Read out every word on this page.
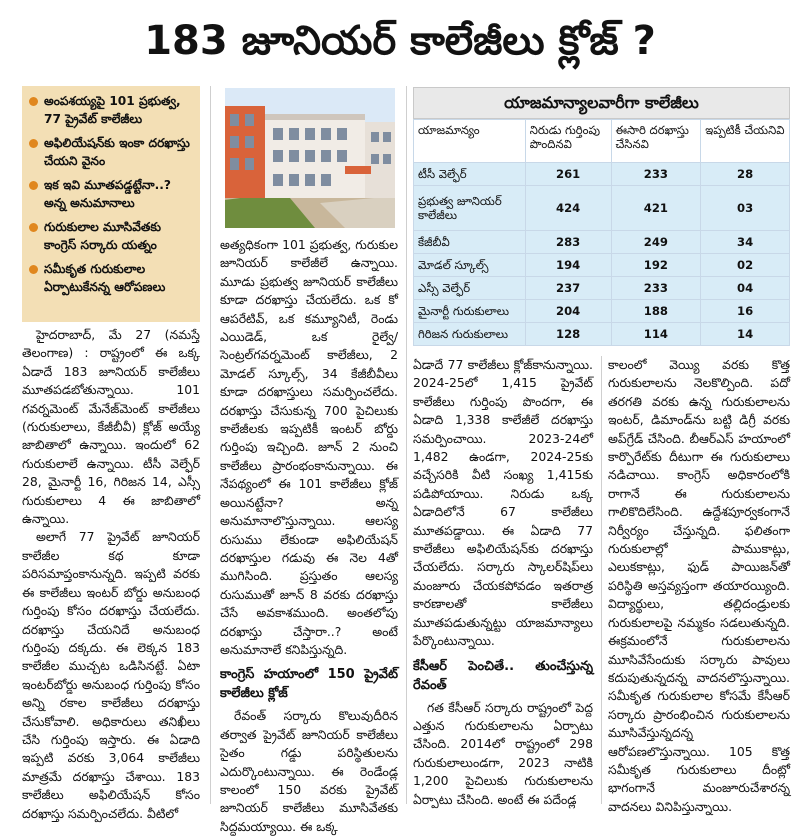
183 జూనియర్ కాలేజీలు క్లోజ్ ?
అంపశయ్యపై 101 ప్రభుత్వ, 77 ప్రైవేట్ కాలేజీలు
అఫిలియేషన్‌కు ఇంకా దరఖాస్తు చేయని వైనం
ఇక ఇవి మూతపడ్డట్టేనా..? అన్న అనుమానాలు
గురుకులాల మూసివేతకు కాంగ్రెస్ సర్కారు యత్నం
సమీకృత గురుకులాల ఏర్పాటుకేనన్న ఆరోపణలు
యాజమాన్యాలవారీగా కాలేజీలు
యాజమాన్యం	నిరుడు గుర్తింపు పొందినవి	ఈసారి దరఖాస్తు చేసినవి	ఇప్పటికీ చేయనివి
టీసీ వెల్ఫేర్	261	233	28
ప్రభుత్వ జూనియర్ కాలేజీలు	424	421	03
కేజీబీవీ	283	249	34
మోడల్ స్కూల్స్	194	192	02
ఎస్సీ వెల్ఫేర్	237	233	04
మైనార్టీ గురుకులాలు	204	188	16
గిరిజన గురుకులాలు	128	114	14

హైదరాబాద్, మే 27 (నమస్తే తెలంగాణ) : రాష్ట్రంలో ఈ ఒక్క ఏడాదే 183 జూనియర్ కాలేజీలు మూతపడబోతున్నాయి. 101 గవర్నమెంట్ మేనేజ్‌మెంట్ కాలేజీలు (గురుకులాలు, కేజీబీవీ) క్లోజ్ అయ్యే జాబితాలో ఉన్నాయి. ఇందులో 62 గురుకులాలే ఉన్నాయి. టీసీ వెల్ఫేర్ 28, మైనార్టీ 16, గిరిజన 14, ఎస్సీ గురుకులాలు 4 ఈ జాబితాలో ఉన్నాయి.

అలాగే 77 ప్రైవేట్ జూనియర్ కాలేజీల కథ కూడా పరిసమాప్తంకానున్నది. ఇప్పటి వరకు ఈ కాలేజీలు ఇంటర్ బోర్డు అనుబంధ గుర్తింపు కోసం దరఖాస్తు చేయలేదు. దరఖాస్తు చేయనిదే అనుబంధ గుర్తింపు దక్కదు. ఈ లెక్కన 183 కాలేజీల ముచ్చట ఒడిసినట్టే. ఏటా ఇంటర్‌బోర్డు అనుబంధ గుర్తింపు కోసం అన్ని రకాల కాలేజీలు దరఖాస్తు చేసుకోవాలి. అధికారులు తనిఖీలు చేసి గుర్తింపు ఇస్తారు. ఈ ఏడాది ఇప్పటి వరకు 3,064 కాలేజీలు మాత్రమే దరఖాస్తు చేశాయి. 183 కాలేజీలు అఫిలియేషన్ కోసం దరఖాస్తు సమర్పించలేదు. వీటిలో

అత్యధికంగా 101 ప్రభుత్వ, గురుకుల జూనియర్ కాలేజీలే ఉన్నాయి. మూడు ప్రభుత్వ జూనియర్ కాలేజీలు కూడా దరఖాస్తు చేయలేదు. ఒక కో ఆపరేటివ్, ఒక కమ్యూనిటీ, రెండు ఎయిడెడ్, ఒక రైల్వే/సెంట్రల్‌గవర్నమెంట్ కాలేజీలు, 2 మోడల్ స్కూల్స్, 34 కేజీబీవీలు కూడా దరఖాస్తులు సమర్పించలేదు. దరఖాస్తు చేసుకున్న 700 పైచిలుకు కాలేజీలకు ఇప్పటికీ ఇంటర్ బోర్డు గుర్తింపు ఇచ్చింది. జూన్ 2 నుంచి కాలేజీలు ప్రారంభంకానున్నాయి. ఈ నేపథ్యంలో ఈ 101 కాలేజీలు క్లోజ్ అయినట్టేనా? అన్న అనుమానాలొస్తున్నాయి. ఆలస్య రుసుము లేకుండా అఫిలియేషన్ దరఖాస్తుల గడువు ఈ నెల 4తో ముగిసింది. ప్రస్తుతం ఆలస్య రుసుముతో జూన్ 8 వరకు దరఖాస్తు చేసే అవకాశముంది. అంతలోపు దరఖాస్తు చేస్తారా..? అంటే అనుమానాలే కనిపిస్తున్నది.

కాంగ్రెస్ హయాంలో 150 ప్రైవేట్ కాలేజీలు క్లోజ్

రేవంత్ సర్కారు కొలువుదీరిన తర్వాత ప్రైవేట్ జూనియర్ కాలేజీలు సైతం గడ్డు పరిస్థితులను ఎదుర్కొంటున్నాయి. ఈ రెండేండ్ల కాలంలో 150 వరకు ప్రైవేట్ జూనియర్ కాలేజీలు మూసివేతకు సిద్ధమయ్యాయి. ఈ ఒక్క

ఏడాదే 77 కాలేజీలు క్లోజ్‌కానున్నాయి. 2024-25లో 1,415 ప్రైవేట్ కాలేజీలు గుర్తింపు పొందగా, ఈ ఏడాది 1,338 కాలేజీలే దరఖాస్తు సమర్పించాయి. 2023-24లో 1,482 ఉండగా, 2024-25కు వచ్చేసరికి వీటి సంఖ్య 1,415కు పడిపోయాయి. నిరుడు ఒక్క ఏడాదిలోనే 67 కాలేజీలు మూతపడ్డాయి. ఈ ఏడాది 77 కాలేజీలు అఫిలియేషన్‌కు దరఖాస్తు చేయలేదు. సర్కారు స్కాలర్‌షిప్‌లు మంజూరు చేయకపోవడం ఇతరాత్ర కారణాలతో కాలేజీలు మూతపడుతున్నట్టు యాజమాన్యాలు పేర్కొంటున్నాయి.

కేసీఆర్ పెంచితే.. తుంచేస్తున్న రేవంత్

గత కేసీఆర్ సర్కారు రాష్ట్రంలో పెద్ద ఎత్తున గురుకులాలను ఏర్పాటు చేసింది. 2014లో రాష్ట్రంలో 298 గురుకులాలుండగా, 2023 నాటికి 1,200 పైచిలుకు గురుకులాలను ఏర్పాటు చేసింది. అంటే ఈ పదేండ్ల

కాలంలో వెయ్యి వరకు కొత్త గురుకులాలను నెలకొల్పింది. పదో తరగతి వరకు ఉన్న గురుకులాలను ఇంటర్, డిమాండ్‌ను బట్టి డిగ్రీ వరకు అప్‌గ్రేడ్ చేసింది. బీఆర్‌ఎస్ హయాంలో కార్పొరేట్‌కు దీటుగా ఈ గురుకులాలు నడిచాయి. కాంగ్రెస్ అధికారంలోకి రాగానే ఈ గురుకులాలను గాలికొదిలేసింది. ఉద్దేశపూర్వకంగానే నిర్వీర్యం చేస్తున్నది. ఫలితంగా గురుకులాల్లో పాముకాట్లు, ఎలుకకాట్లు, ఫుడ్ పాయిజన్‌తో పరిస్థితి అస్తవ్యస్తంగా తయారయ్యింది. విద్యార్థులు, తల్లిదండ్రులకు గురుకులాలపై నమ్మకం సడలుతున్నది. ఈక్రమంలోనే గురుకులాలను మూసివేసేందుకు సర్కారు పావులు కదుపుతున్నదన్న వాదనలొస్తున్నాయి. సమీకృత గురుకులాల కోసమే కేసీఆర్ సర్కారు ప్రారంభించిన గురుకులాలను మూసివేస్తున్నదన్న ఆరోపణలొస్తున్నాయి. 105 కొత్త సమీకృత గురుకులాలు దీంట్లో భాగంగానే మంజూరుచేశారన్న వాదనలు వినిపిస్తున్నాయి.
